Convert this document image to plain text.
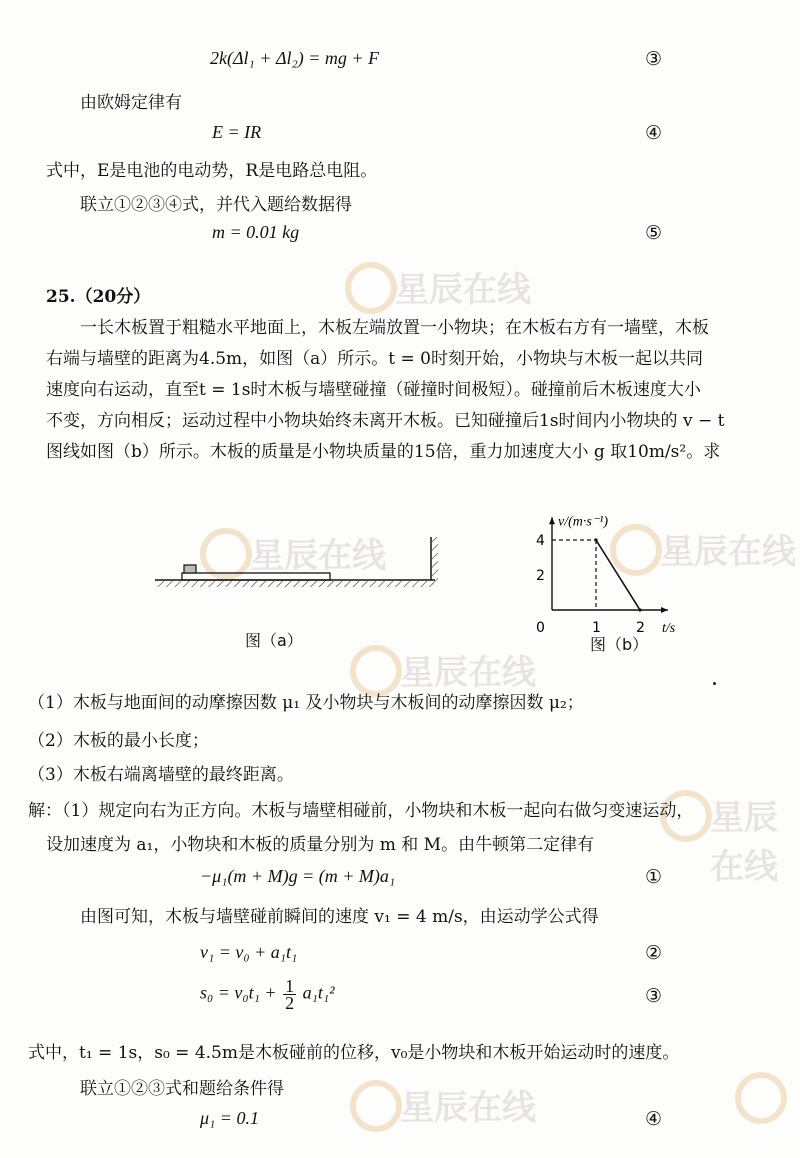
星辰在线
星辰在线	星辰在线
星辰在线
星辰在线
星辰在线
2k(Δl₁ + Δl₂) = mg + F	③
由欧姆定律有
E = IR	④
式中，E是电池的电动势，R是电路总电阻。
联立①②③④式，并代入题给数据得
m = 0.01 kg	⑤
25.（20分）
一长木板置于粗糙水平地面上，木板左端放置一小物块；在木板右方有一墙壁，木板
右端与墙壁的距离为4.5m，如图（a）所示。t = 0时刻开始，小物块与木板一起以共同
速度向右运动，直至t = 1s时木板与墙壁碰撞（碰撞时间极短）。碰撞前后木板速度大小
不变，方向相反；运动过程中小物块始终未离开木板。已知碰撞后1s时间内小物块的 v − t
图线如图（b）所示。木板的质量是小物块质量的15倍，重力加速度大小 g 取10m/s²。求
图（a）
v/(m·s⁻¹)
t/s
0	1	2
2
4
图（b）
（1）木板与地面间的动摩擦因数 μ₁ 及小物块与木板间的动摩擦因数 μ₂；
（2）木板的最小长度；
（3）木板右端离墙壁的最终距离。
解：（1）规定向右为正方向。木板与墙壁相碰前，小物块和木板一起向右做匀变速运动，
设加速度为 a₁，小物块和木板的质量分别为 m 和 M。由牛顿第二定律有
−μ₁(m + M)g = (m + M)a₁	①
由图可知，木板与墙壁碰前瞬间的速度 v₁ = 4 m/s，由运动学公式得
v₁ = v₀ + a₁t₁	②
$s_0 = v_0t_1 + \frac{1}{2} a_1t_1^2$	③
式中，t₁ = 1s，s₀ = 4.5m是木板碰前的位移，v₀是小物块和木板开始运动时的速度。
联立①②③式和题给条件得
μ₁ = 0.1	④
